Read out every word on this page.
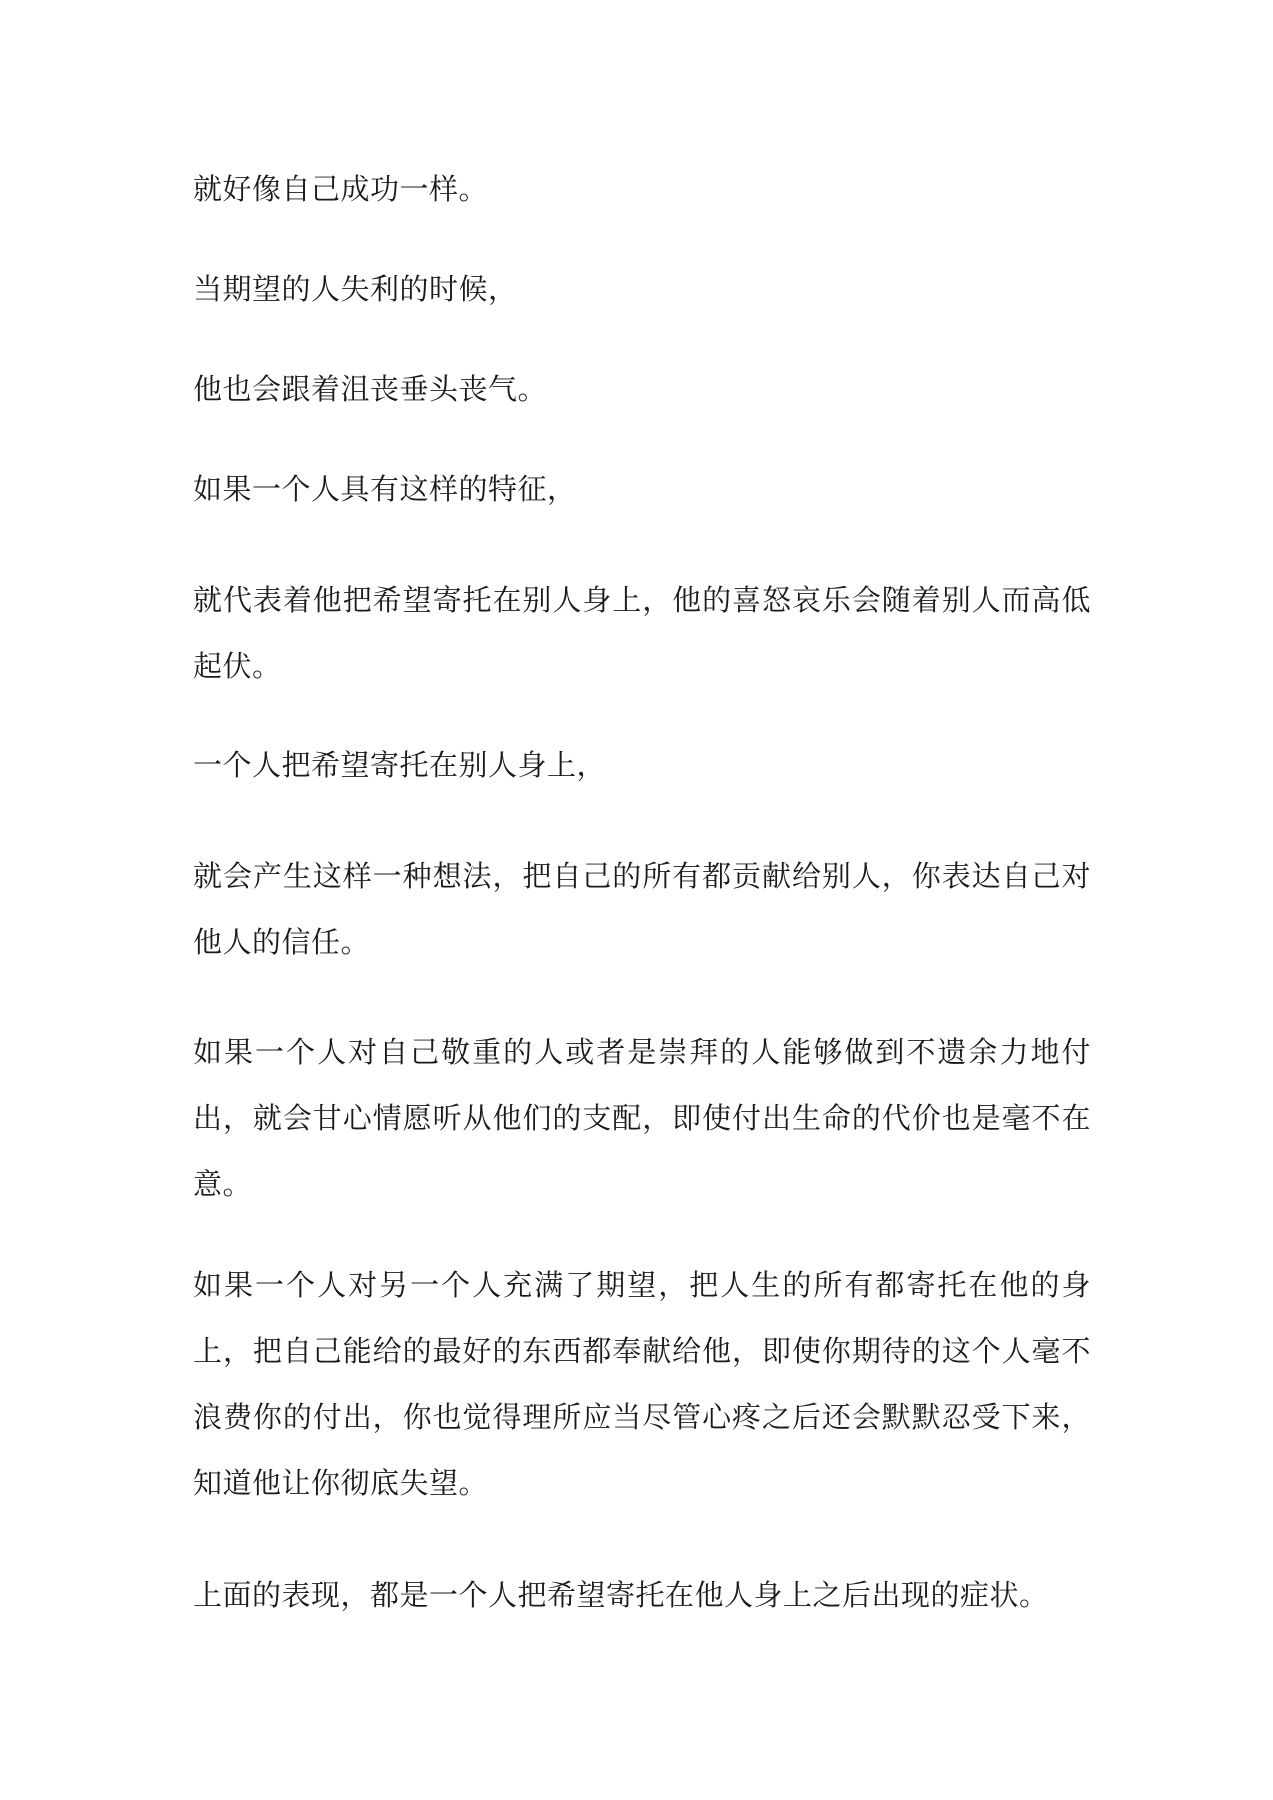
就好像自己成功一样。

当期望的人失利的时候，

他也会跟着沮丧垂头丧气。

如果一个人具有这样的特征，

就代表着他把希望寄托在别人身上，他的喜怒哀乐会随着别人而高低起伏。

一个人把希望寄托在别人身上，

就会产生这样一种想法，把自己的所有都贡献给别人，你表达自己对他人的信任。

如果一个人对自己敬重的人或者是崇拜的人能够做到不遗余力地付出，就会甘心情愿听从他们的支配，即使付出生命的代价也是毫不在意。

如果一个人对另一个人充满了期望，把人生的所有都寄托在他的身上，把自己能给的最好的东西都奉献给他，即使你期待的这个人毫不浪费你的付出，你也觉得理所应当尽管心疼之后还会默默忍受下来，知道他让你彻底失望。

上面的表现，都是一个人把希望寄托在他人身上之后出现的症状。
